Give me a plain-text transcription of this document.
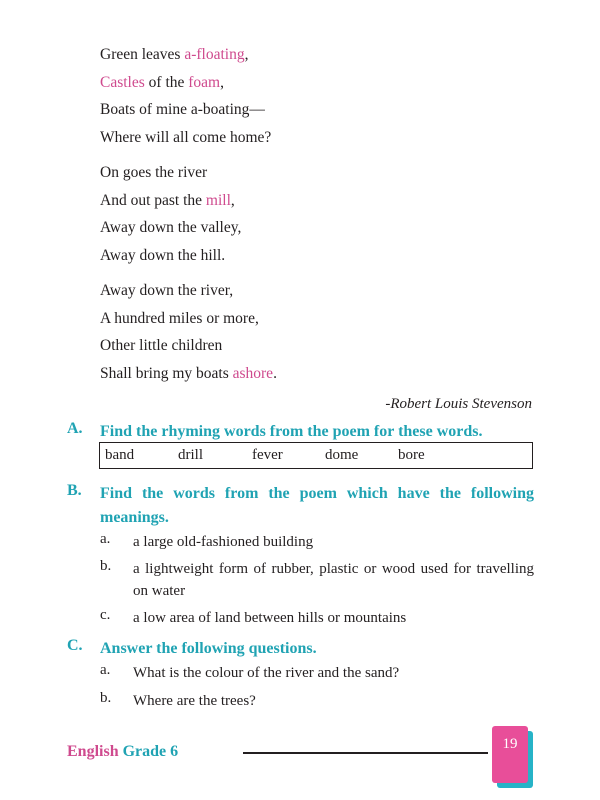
Green leaves a-floating,
Castles of the foam,
Boats of mine a-boating—
Where will all come home?
On goes the river
And out past the mill,
Away down the valley,
Away down the hill.
Away down the river,
A hundred miles or more,
Other little children
Shall bring my boats ashore.
-Robert Louis Stevenson
A. Find the rhyming words from the poem for these words.
band	drill	fever	dome	bore
B. Find the words from the poem which have the following meanings.
a. a large old-fashioned building
b. a lightweight form of rubber, plastic or wood used for travelling on water
c. a low area of land between hills or mountains
C. Answer the following questions.
a. What is the colour of the river and the sand?
b. Where are the trees?
English Grade 6	19
